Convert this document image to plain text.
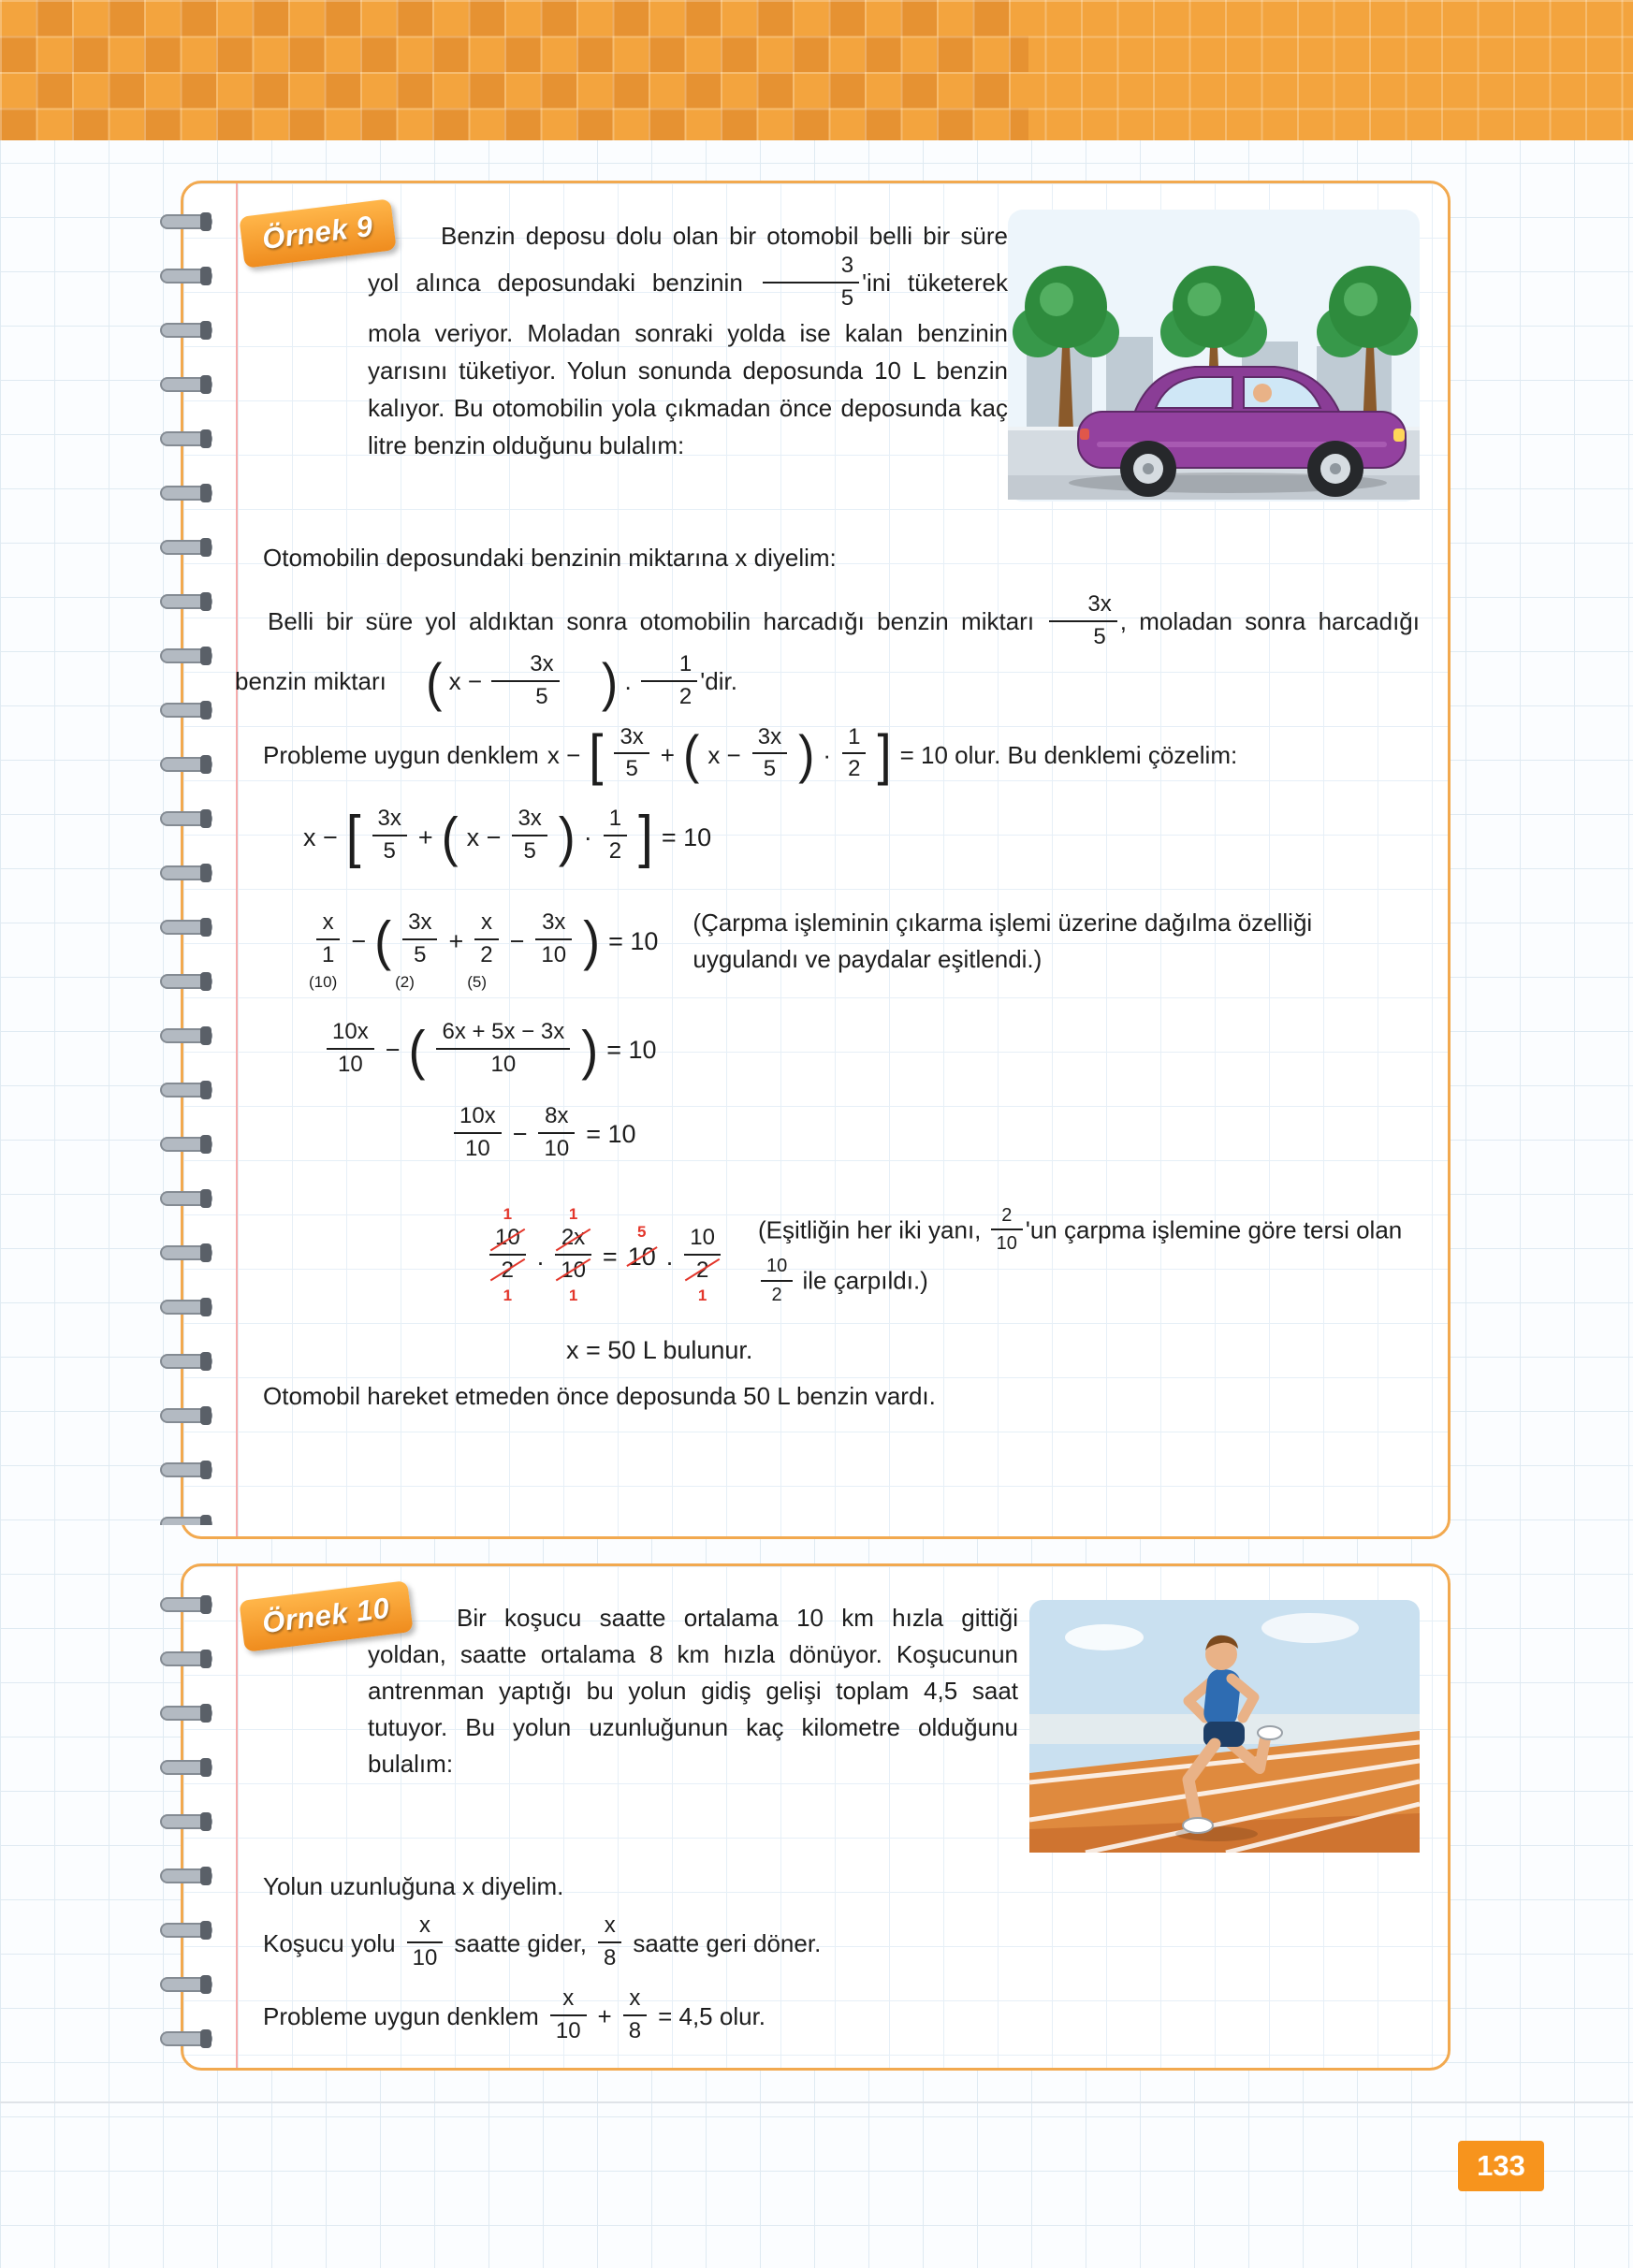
Örnek 9	Benzin deposu dolu olan bir otomobil belli bir süre yol alınca deposundaki benzinin $\frac{3}{5}$ 'ini tüketerek mola veriyor. Moladan sonraki yolda ise kalan benzinin yarısını tüketiyor. Yolun sonunda deposunda 10 L benzin kalıyor. Bu otomobilin yola çıkmadan önce deposunda kaç litre benzin olduğunu bulalım:

Otomobilin deposundaki benzinin miktarına x diyelim:

Belli bir süre yol aldıktan sonra otomobilin harcadığı benzin miktarı $\frac{3x}{5}$ , moladan sonra harcadığı benzin miktarı ( $x - \frac{3x}{5}$ ) . $\frac{1}{2}$ 'dir.

Probleme uygun denklem x − [ $\frac{3x}{5}$ + ( $x - \frac{3x}{5}$ ) · $\frac{1}{2}$ ] = 10 olur. Bu denklemi çözelim:
x − [ $\frac{3x}{5}$ + ( $x - \frac{3x}{5}$ ) · $\frac{1}{2}$ ] = 10
x
1
(10)
− ( 3x
5
(2)
+
x
2
(5)
− $\frac{3x}{10}$ ) = 10
(Çarpma işleminin çıkarma işlemi üzerine dağılma özelliği uygulandı ve paydalar eşitlendi.)
$\frac{10x}{10}$ − ( $\frac{6x + 5x - 3x}{10}$ ) = 10
$\frac{10x}{10} - \frac{8x}{10} = 10$
10
1
2
1 . 2x
1
10
1 = 10
5
. 10
2
1 (Eşitliğin her iki yanı, $\frac{2}{10}$ 'un çarpma işlemine göre tersi olan
$\frac{10}{2}$ ile çarpıldı.)
x = 50 L bulunur.

Otomobil hareket etmeden önce deposunda 50 L benzin vardı.

Örnek 10	Bir koşucu saatte ortalama 10 km hızla gittiği yoldan, saatte ortalama 8 km hızla dönüyor. Koşucunun antrenman yaptığı bu yolun gidiş gelişi toplam 4,5 saat tutuyor. Bu yolun uzunluğunun kaç kilometre olduğunu bulalım:

Yolun uzunluğuna x diyelim.

Koşucu yolu $\frac{x}{10}$ saatte gider, $\frac{x}{8}$ saatte geri döner.
Probleme uygun denklem $\frac{x}{10} + \frac{x}{8} = 4,5$ olur.
133
